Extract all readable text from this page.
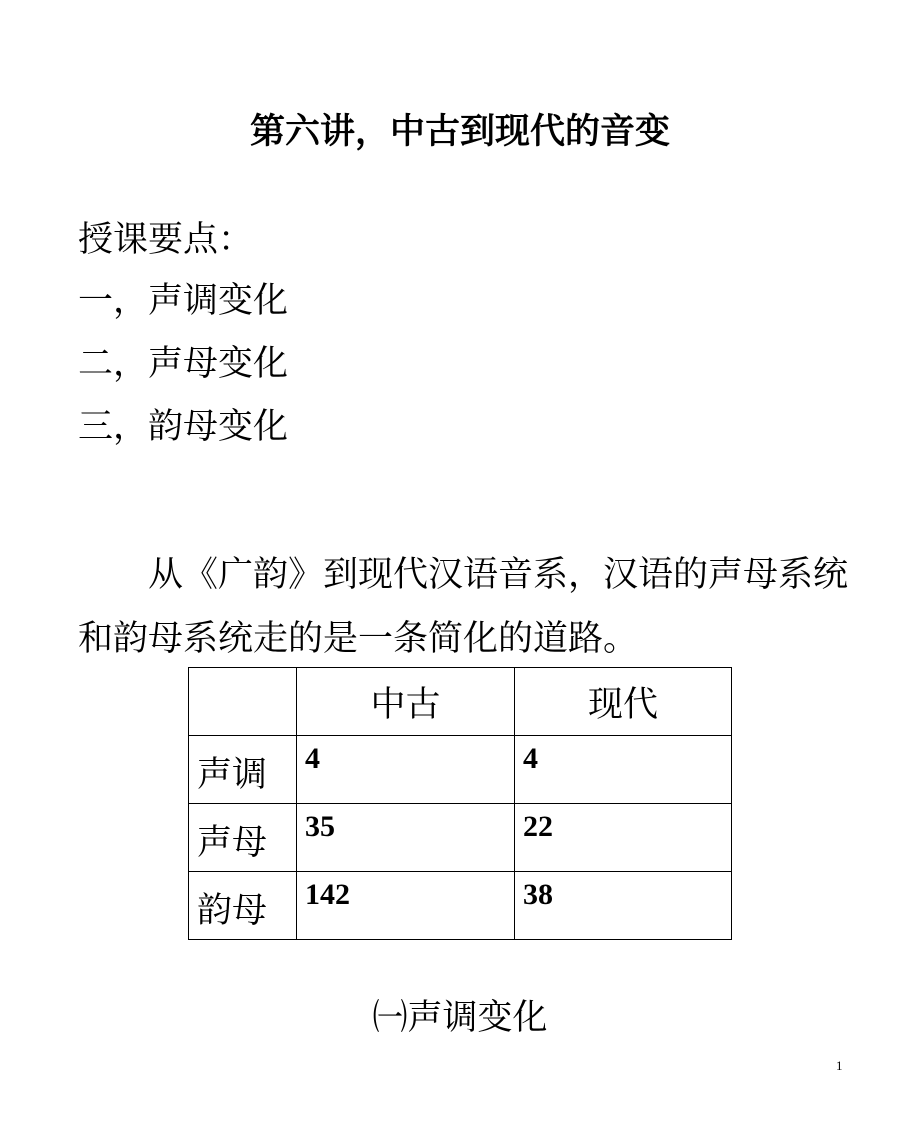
第六讲，中古到现代的音变

授课要点：

一，声调变化

二，声母变化

三，韵母变化

从《广韵》到现代汉语音系，汉语的声母系统和韵母系统走的是一条简化的道路。

	中古	现代
声调	4	4
声母	35	22
韵母	142	38

㈠声调变化

1
